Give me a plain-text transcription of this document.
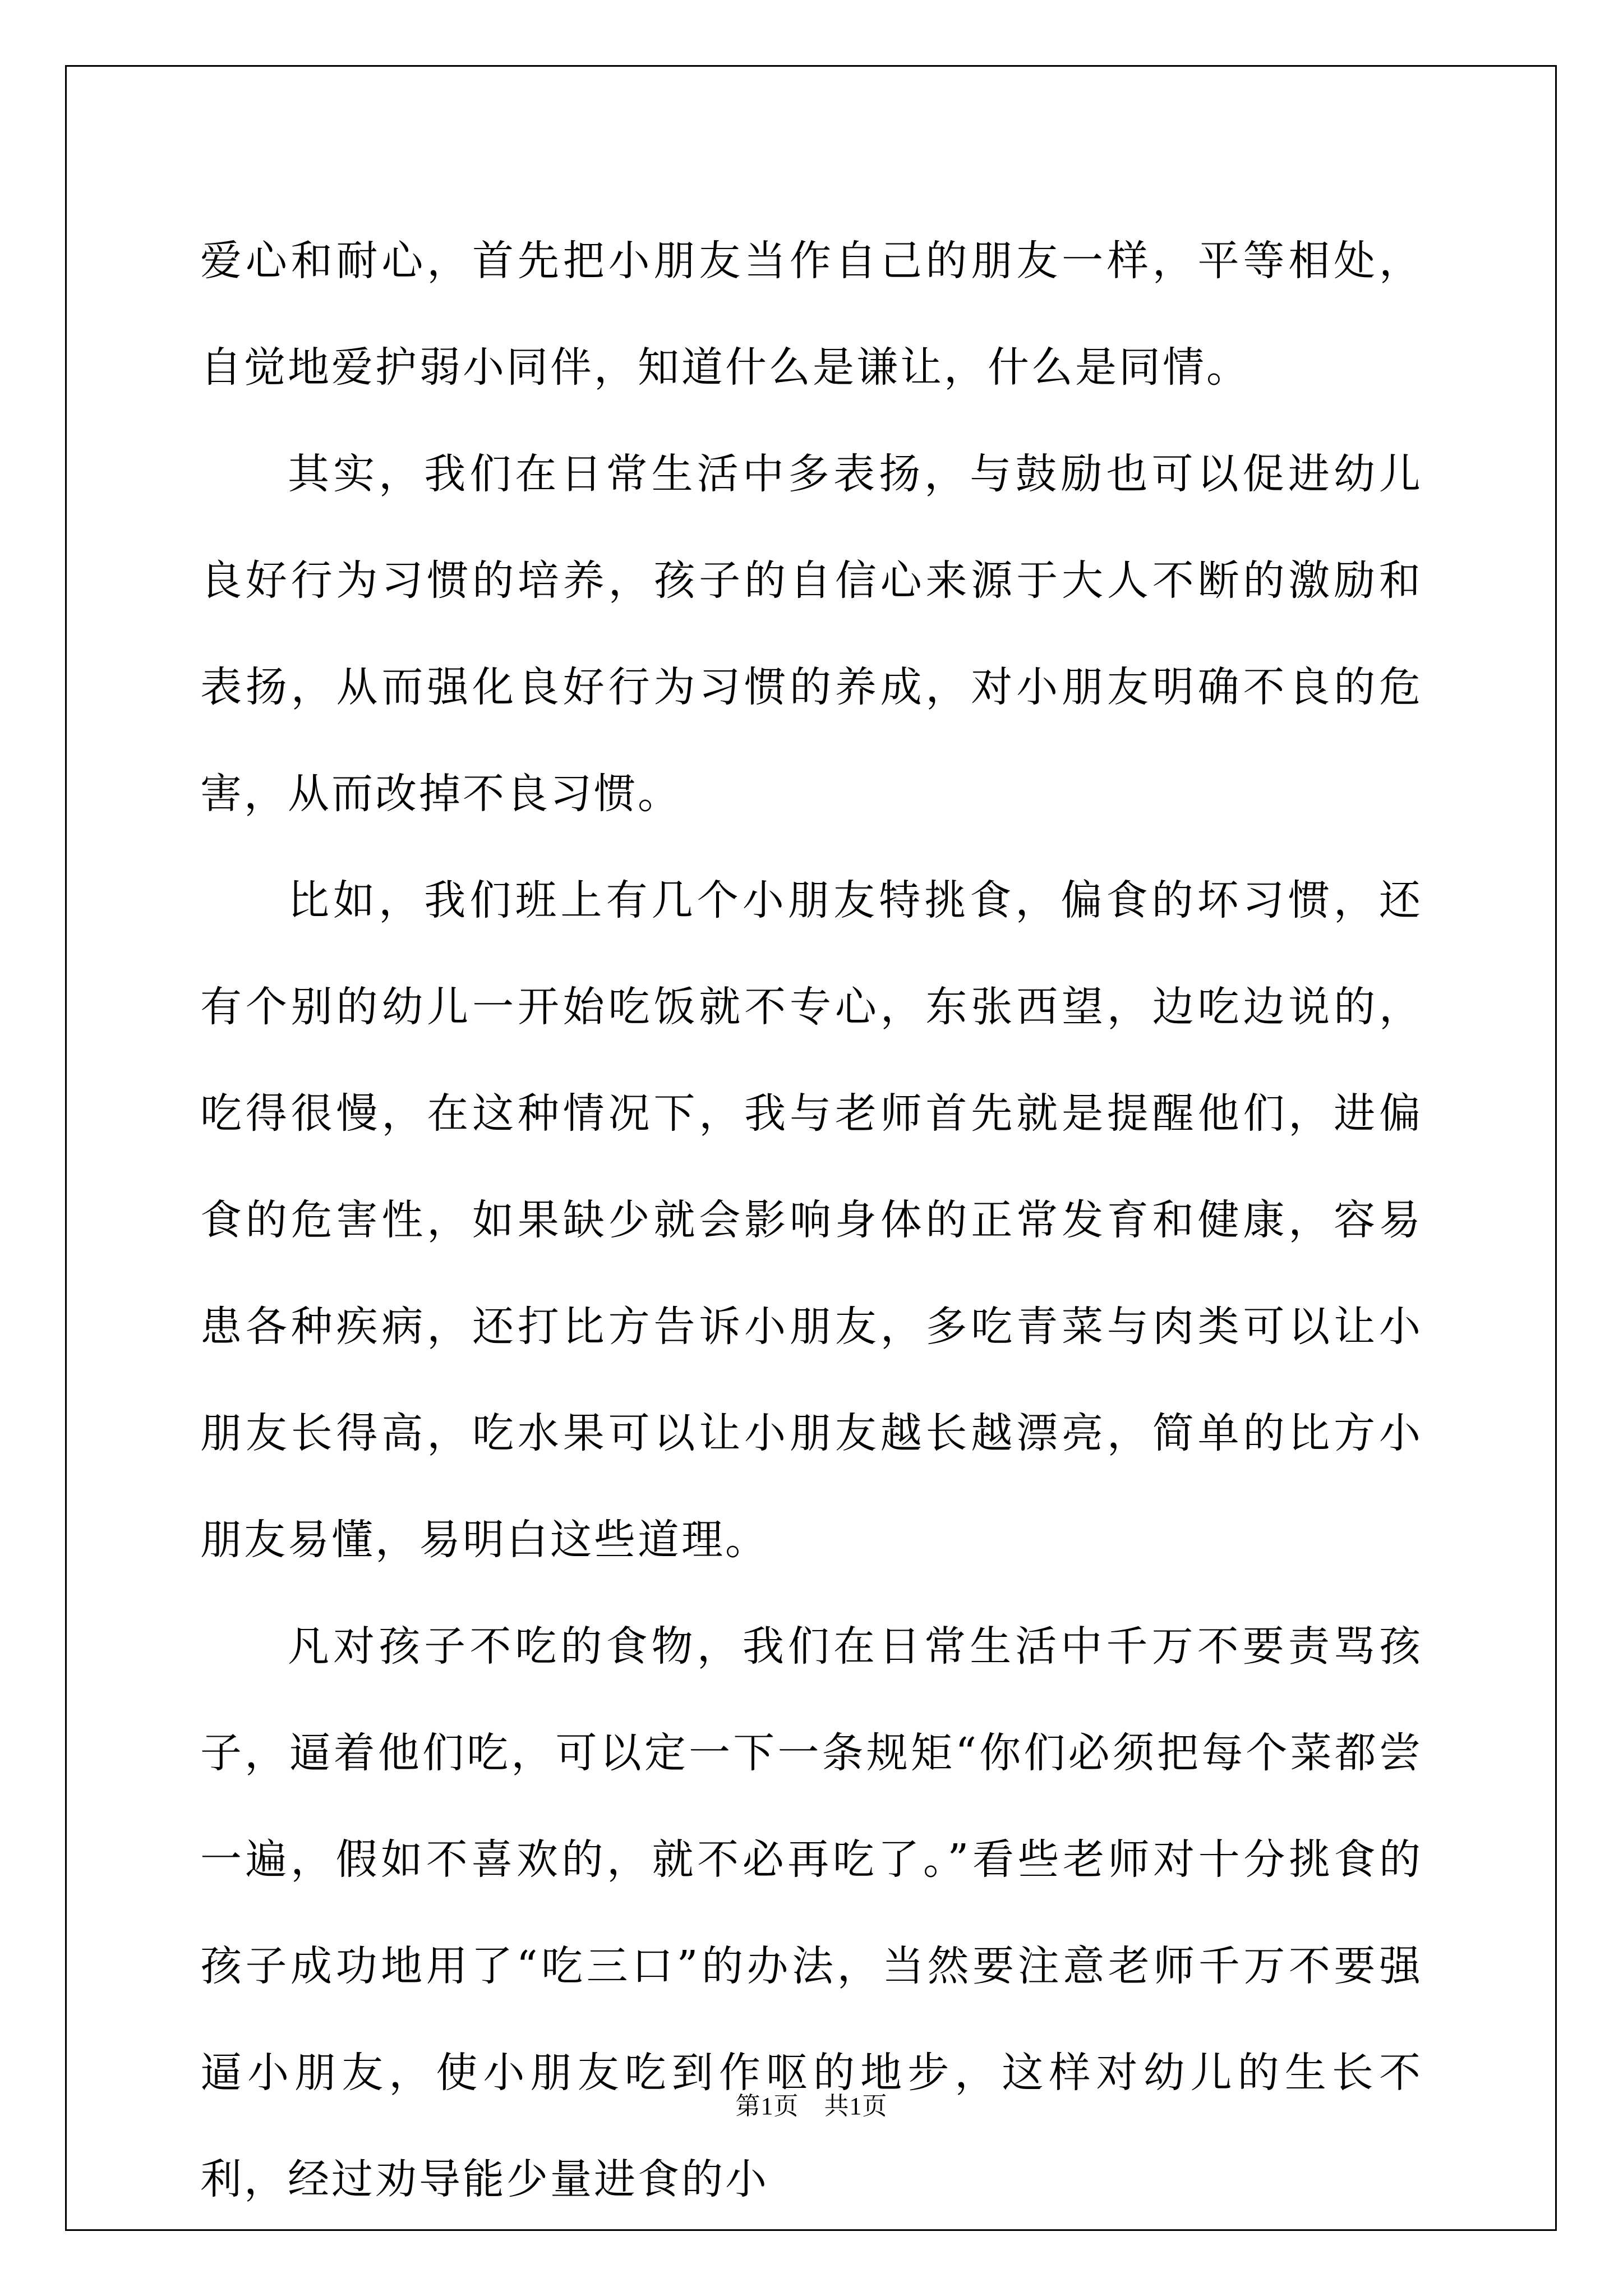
爱心和耐心，首先把小朋友当作自己的朋友一样，平等相处，自觉地爱护弱小同伴，知道什么是谦让，什么是同情。

其实，我们在日常生活中多表扬，与鼓励也可以促进幼儿良好行为习惯的培养，孩子的自信心来源于大人不断的激励和表扬，从而强化良好行为习惯的养成，对小朋友明确不良的危害，从而改掉不良习惯。

比如，我们班上有几个小朋友特挑食，偏食的坏习惯，还有个别的幼儿一开始吃饭就不专心，东张西望，边吃边说的，吃得很慢，在这种情况下，我与老师首先就是提醒他们，进偏食的危害性，如果缺少就会影响身体的正常发育和健康，容易患各种疾病，还打比方告诉小朋友，多吃青菜与肉类可以让小朋友长得高，吃水果可以让小朋友越长越漂亮，简单的比方小朋友易懂，易明白这些道理。

凡对孩子不吃的食物，我们在日常生活中千万不要责骂孩子，逼着他们吃，可以定一下一条规矩“你们必须把每个菜都尝一遍，假如不喜欢的，就不必再吃了。”看些老师对十分挑食的孩子成功地用了“吃三口”的办法，当然要注意老师千万不要强逼小朋友，使小朋友吃到作呕的地步，这样对幼儿的生长不利，经过劝导能少量进食的小

第1页　共1页
